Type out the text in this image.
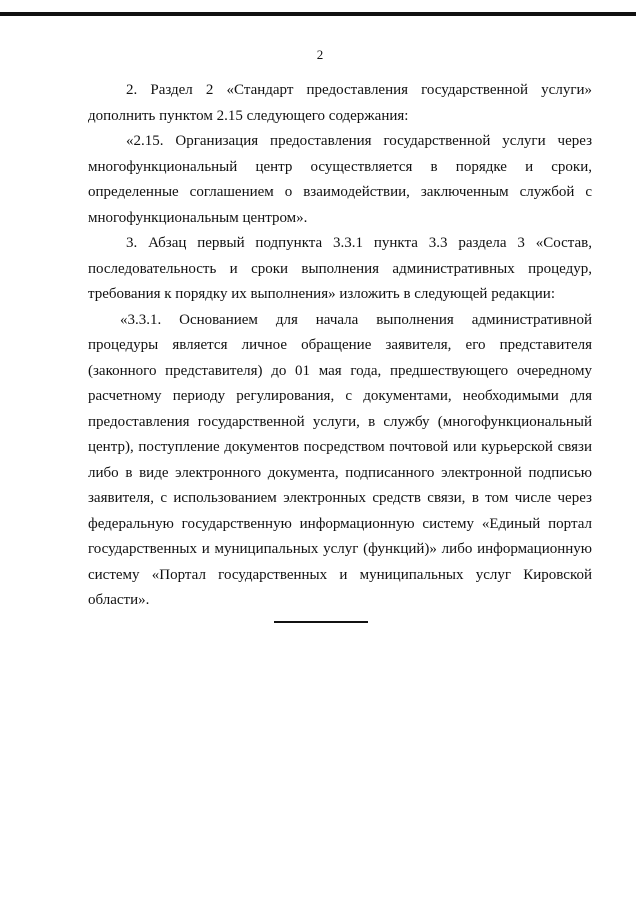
2

2. Раздел 2 «Стандарт предоставления государственной услуги» дополнить пунктом 2.15 следующего содержания:

«2.15. Организация предоставления государственной услуги через многофункциональный центр осуществляется в порядке и сроки, определенные соглашением о взаимодействии, заключенным службой с многофункциональным центром».

3. Абзац первый подпункта 3.3.1 пункта 3.3 раздела 3 «Состав, последовательность и сроки выполнения административных процедур, требования к порядку их выполнения» изложить в следующей редакции:

«3.3.1. Основанием для начала выполнения административной процедуры является личное обращение заявителя, его представителя (законного представителя) до 01 мая года, предшествующего очередному расчетному периоду регулирования, с документами, необходимыми для предоставления государственной услуги, в службу (многофункциональный центр), поступление документов посредством почтовой или курьерской связи либо в виде электронного документа, подписанного электронной подписью заявителя, с использованием электронных средств связи, в том числе через федеральную государственную информационную систему «Единый портал государственных и муниципальных услуг (функций)» либо информационную систему «Портал государственных и муниципальных услуг Кировской области».
